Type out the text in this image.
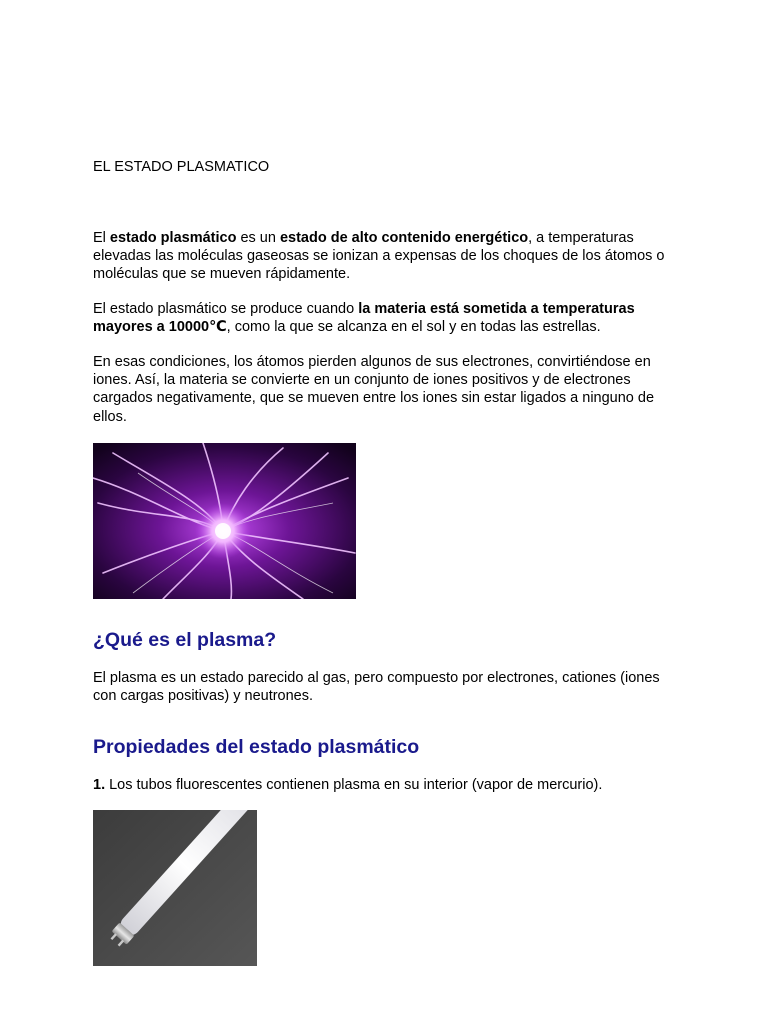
EL ESTADO PLASMATICO

El estado plasmático es un estado de alto contenido energético, a temperaturas elevadas las moléculas gaseosas se ionizan a expensas de los choques de los átomos o moléculas que se mueven rápidamente.

El estado plasmático se produce cuando la materia está sometida a temperaturas mayores a 10000℃, como la que se alcanza en el sol y en todas las estrellas.

En esas condiciones, los átomos pierden algunos de sus electrones, convirtiéndose en iones. Así, la materia se convierte en un conjunto de iones positivos y de electrones cargados negativamente, que se mueven entre los iones sin estar ligados a ninguno de ellos.

¿Qué es el plasma?

El plasma es un estado parecido al gas, pero compuesto por electrones, cationes (iones con cargas positivas) y neutrones.

Propiedades del estado plasmático

1. Los tubos fluorescentes contienen plasma en su interior (vapor de mercurio).
